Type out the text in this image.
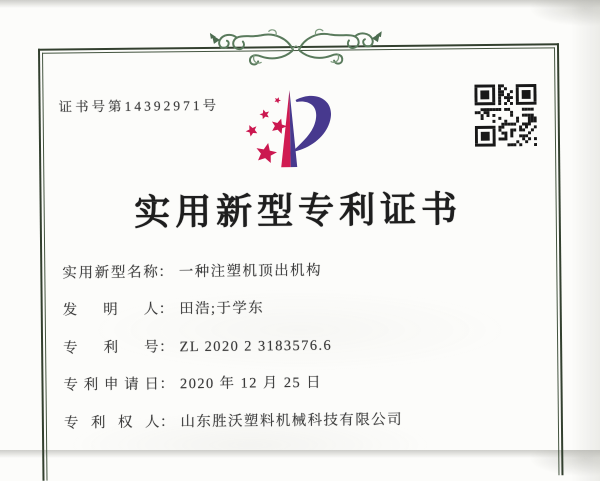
证书号第14392971号
实用新型专利证书
实用新型名称： 一种注塑机顶出机构
发明人： 田浩;于学东
专利号： ZL 2020 2 3183576.6
专利申请日： 2020 年 12 月 25 日
专利权人： 山东胜沃塑料机械科技有限公司
